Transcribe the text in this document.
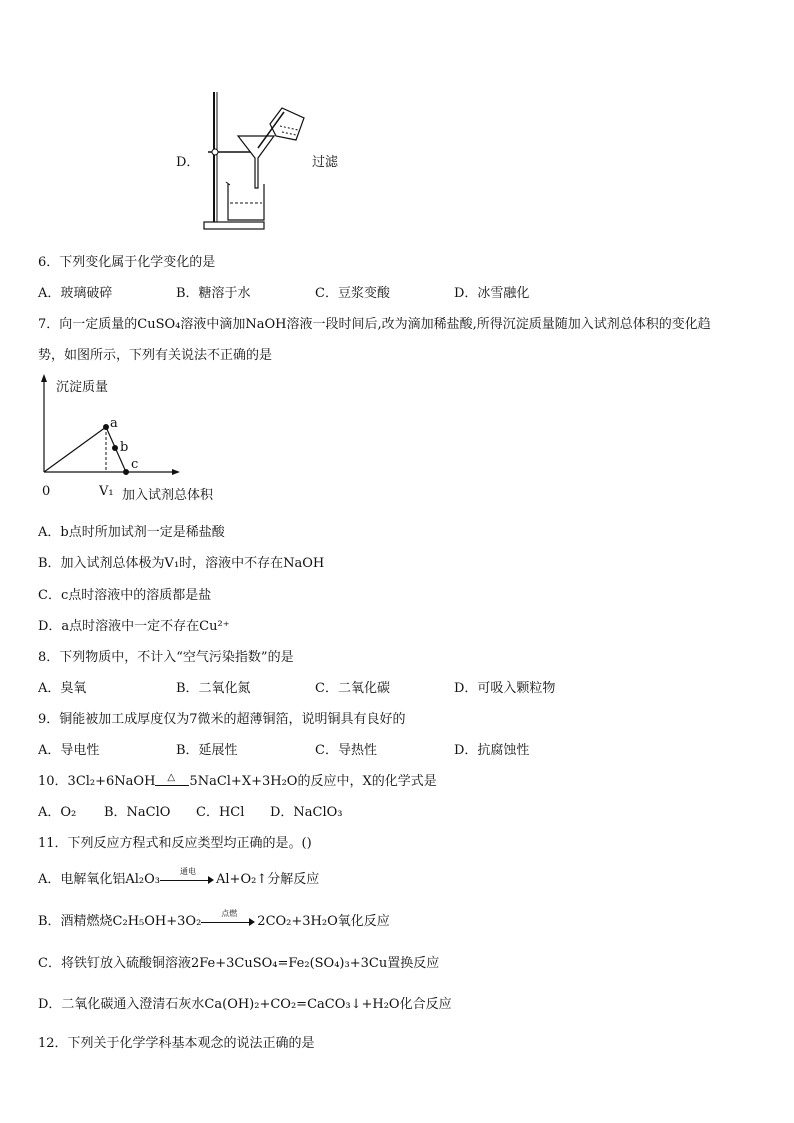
D．	过滤
6．下列变化属于化学变化的是
A．玻璃破碎	B．糖溶于水	C．豆浆变酸	D．冰雪融化
7．向一定质量的CuSO₄溶液中滴加NaOH溶液一段时间后,改为滴加稀盐酸,所得沉淀质量随加入试剂总体积的变化趋
势，如图所示，下列有关说法不正确的是
沉淀质量
a
b
c
0	V₁ 加入试剂总体积
A．b点时所加试剂一定是稀盐酸
B．加入试剂总体极为V₁时，溶液中不存在NaOH
C．c点时溶液中的溶质都是盐
D．a点时溶液中一定不存在Cu²⁺
8．下列物质中，不计入“空气污染指数”的是
A．臭氧	B．二氧化氮	C．二氧化碳	D．可吸入颗粒物
9．铜能被加工成厚度仅为7微米的超薄铜箔，说明铜具有良好的
A．导电性	B．延展性	C．导热性	D．抗腐蚀性
10．3Cl₂+6NaOH △ 5NaCl+X+3H₂O的反应中，X的化学式是
A．O₂ B．NaClO C．HCl D．NaClO₃
11．下列反应方程式和反应类型均正确的是。()
A．电解氧化铝Al₂O₃
通电
Al+O₂↑分解反应
B．酒精燃烧C₂H₅OH+3O₂
点燃
2CO₂+3H₂O氧化反应
C．将铁钉放入硫酸铜溶液2Fe+3CuSO₄=Fe₂(SO₄)₃+3Cu置换反应
D．二氧化碳通入澄清石灰水Ca(OH)₂+CO₂=CaCO₃↓+H₂O化合反应
12．下列关于化学学科基本观念的说法正确的是
